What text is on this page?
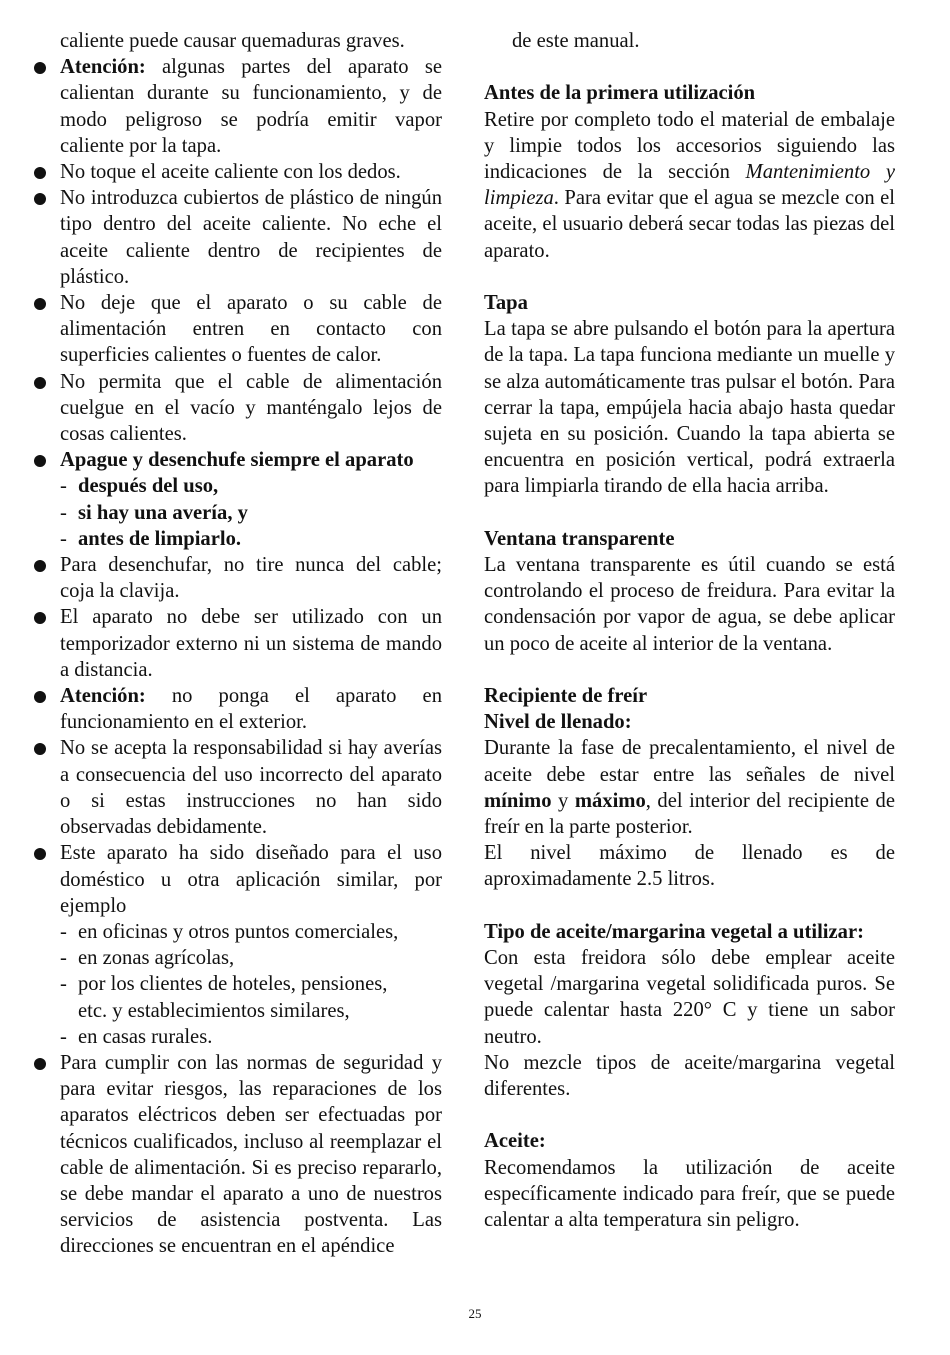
caliente puede causar quemaduras graves.

Atención: algunas partes del aparato se calientan durante su funcionamiento, y de modo peligroso se podría emitir vapor caliente por la tapa.

No toque el aceite caliente con los dedos.

No introduzca cubiertos de plástico de ningún tipo dentro del aceite caliente. No eche el aceite caliente dentro de recipientes de plástico.

No deje que el aparato o su cable de alimentación entren en contacto con superficies calientes o fuentes de calor.

No permita que el cable de alimentación cuelgue en el vacío y manténgalo lejos de cosas calientes.

Apague y desenchufe siempre el aparato

- después del uso,

- si hay una avería, y

- antes de limpiarlo.

Para desenchufar, no tire nunca del cable; coja la clavija.

El aparato no debe ser utilizado con un temporizador externo ni un sistema de mando a distancia.

Atención: no ponga el aparato en funcionamiento en el exterior.

No se acepta la responsabilidad si hay averías a consecuencia del uso incorrecto del aparato o si estas instrucciones no han sido observadas debidamente.

Este aparato ha sido diseñado para el uso doméstico u otra aplicación similar, por ejemplo

- en oficinas y otros puntos comerciales,

- en zonas agrícolas,

- por los clientes de hoteles, pensiones,
etc. y establecimientos similares,

- en casas rurales.

Para cumplir con las normas de seguridad y para evitar riesgos, las reparaciones de los aparatos eléctricos deben ser efectuadas por técnicos cualificados, incluso al reemplazar el cable de alimentación. Si es preciso repararlo, se debe mandar el aparato a uno de nuestros servicios de asistencia postventa. Las direcciones se encuentran en el apéndice

de este manual.

Antes de la primera utilización

Retire por completo todo el material de embalaje y limpie todos los accesorios siguiendo las indicaciones de la sección Mantenimiento y limpieza. Para evitar que el agua se mezcle con el aceite, el usuario deberá secar todas las piezas del aparato.

Tapa

La tapa se abre pulsando el botón para la apertura de la tapa. La tapa funciona mediante un muelle y se alza automáticamente tras pulsar el botón. Para cerrar la tapa, empújela hacia abajo hasta quedar sujeta en su posición. Cuando la tapa abierta se encuentra en posición vertical, podrá extraerla para limpiarla tirando de ella hacia arriba.

Ventana transparente

La ventana transparente es útil cuando se está controlando el proceso de freidura. Para evitar la condensación por vapor de agua, se debe aplicar un poco de aceite al interior de la ventana.

Recipiente de freír

Nivel de llenado:

Durante la fase de precalentamiento, el nivel de aceite debe estar entre las señales de nivel mínimo y máximo, del interior del recipiente de freír en la parte posterior.

El nivel máximo de llenado es de aproximadamente 2.5 litros.

Tipo de aceite/margarina vegetal a utilizar:

Con esta freidora sólo debe emplear aceite vegetal /margarina vegetal solidificada puros. Se puede calentar hasta 220° C y tiene un sabor neutro.

No mezcle tipos de aceite/margarina vegetal diferentes.

Aceite:

Recomendamos la utilización de aceite específicamente indicado para freír, que se puede calentar a alta temperatura sin peligro.

25
